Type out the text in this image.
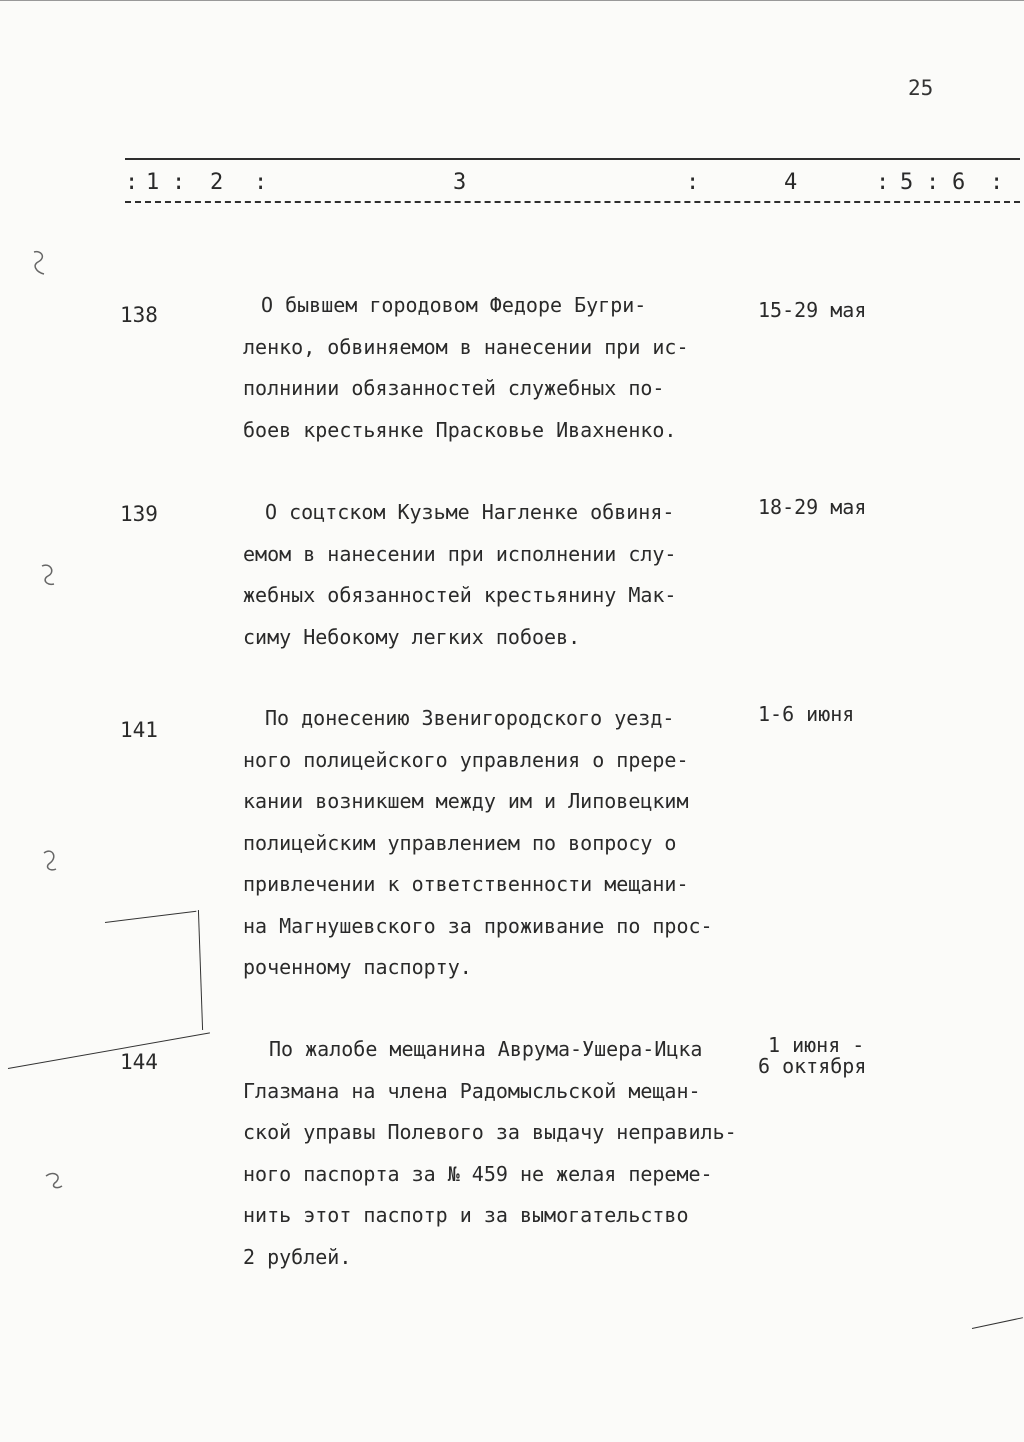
25
: 1 : 2 :	3	:	4	: 5 : 6 :
138	О бывшем городовом Федоре Бугри-
ленко, обвиняемом в нанесении при ис-
полнинии обязанностей служебных по-
боев крестьянке Прасковье Ивахненко.
15-29 мая
139	О соцтском Кузьме Нагленке обвиня-
емом в нанесении при исполнении слу-
жебных обязанностей крестьянину Мак-
симу Небокому легких побоев.
18-29 мая
141	По донесению Звенигородского уезд-
ного полицейского управления о прере-
кании возникшем между им и Липовецким
полицейским управлением по вопросу о
привлечении к ответственности мещани-
на Магнушевского за проживание по прос-
роченному паспорту.
1-6 июня
144
По жалобе мещанина Аврума-Ушера-Ицка
Глазмана на члена Радомысльской мещан-
ской управы Полевого за выдачу неправиль-
ного паспорта за № 459 не желая переме-
нить этот паспотр и за вымогательство
2 рублей.
1 июня -
6 октября
